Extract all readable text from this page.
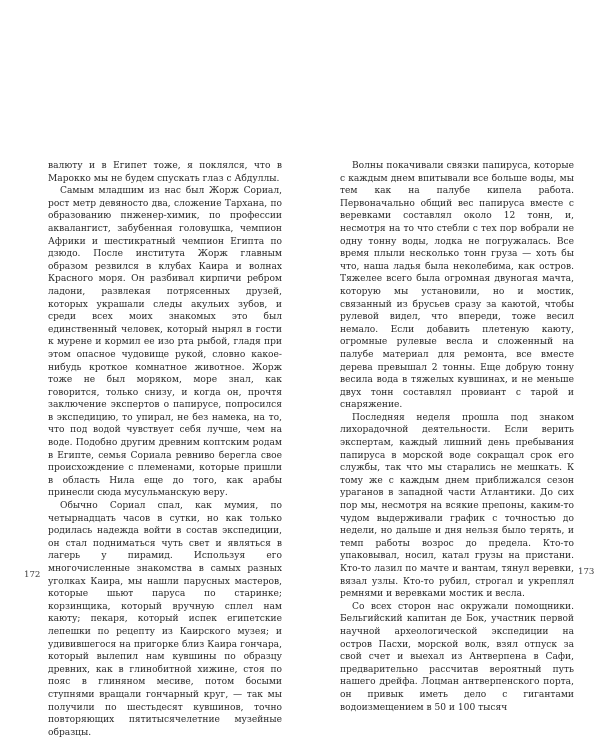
валюту и в Египет тоже, я поклялся, что в Марокко мы не будем спускать глаз с Абдуллы.

Самым младшим из нас был Жорж Сориал, рост метр девяносто два, сложение Тархана, по образованию пнженер-химик, по профессии аквалангист, забубенная головушка, чемпион Африки и шестикратный чемпион Египта по дзюдо. После института Жорж главным образом резвился в клубах Каира и волнах Красного моря. Он разбивал кирпичи ребром ладони, развлекая потрясенных друзей, которых украшали следы акульих зубов, и среди всех моих знакомых это был единственный человек, который нырял в гости к мурене и кормил ее изо рта рыбой, гладя при этом опасное чудовище рукой, словно какое-нибудь кроткое комнатное животное. Жорж тоже не был моряком, море знал, как говорится, только снизу, и когда он, прочтя заключение экспертов о папирусе, попросился в экспедицию, то упирал, не без намека, на то, что под водой чувствует себя лучше, чем на воде. Подобно другим древним коптским родам в Египте, семья Сориала ревниво берегла свое происхождение с племенами, которые пришли в область Нила еще до того, как арабы принесли сюда мусульманскую веру.

Обычно Сориал спал, как мумия, по четырнадцать часов в сутки, но как только родилась надежда войти в состав экспедиции, он стал подниматься чуть свет и являться в лагерь у пирамид. Используя его многочисленные знакомства в самых разных уголках Каира, мы нашли парусных мастеров, которые шьют паруса по старинке; корзинщика, который вручную сплел нам каюту; пекаря, который испек египетские лепешки по рецепту из Каирского музея; и удивившегося на пригорке близ Каира гончара, который вылепил нам кувшины по образцу древних, как в глинобитной хижине, стоя по пояс в глиняном месиве, потом босыми ступнями вращали гончарный круг, — так мы получили по шестьдесят кувшинов, точно повторяющих пятитысячелетние музейные образцы.

172

Волны покачивали связки папируса, которые с каждым днем впитывали все больше воды, мы тем как на палубе кипела работа. Первоначально общий вес папируса вместе с веревками составлял около 12 тонн, и, несмотря на то что стебли с тех пор вобрали не одну тонну воды, лодка не погружалась. Все время плыли несколько тонн груза — хоть бы что, наша ладья была неколебима, как остров. Тяжелее всего была огромная двуногая мачта, которую мы установили, но и мостик, связанный из брусьев сразу за каютой, чтобы рулевой видел, что впереди, тоже весил немало. Если добавить плетеную каюту, огромные рулевые весла и сложенный на палубе материал для ремонта, все вместе дерева превышал 2 тонны. Еще добрую тонну весила вода в тяжелых кувшинах, и не меньше двух тонн составлял провиант с тарой и снаряжение.

Последняя неделя прошла под знаком лихорадочной деятельности. Если верить экспертам, каждый лишний день пребывания папируса в морской воде сокращал срок его службы, так что мы старались не мешкать. К тому же с каждым днем приближался сезон ураганов в западной части Атлантики. До сих пор мы, несмотря на всякие препоны, каким-то чудом выдерживали график с точностью до недели, но дальше и дня нельзя было терять, и темп работы возрос до предела. Кто-то упаковывал, носил, катал грузы на пристани. Кто-то лазил по мачте и вантам, тянул веревки, вязал узлы. Кто-то рубил, строгал и укреплял ремнями и веревками мостик и весла.

Со всех сторон нас окружали помощники. Бельгийский капитан де Бок, участник первой научной археологической экспедиции на остров Пасхи, морской волк, взял отпуск за свой счет и выехал из Антверпена в Сафи, предварительно рассчитав вероятный путь нашего дрейфа. Лоцман антверпенского порта, он привык иметь дело с гигантами водоизмещением в 50 и 100 тысяч

173
